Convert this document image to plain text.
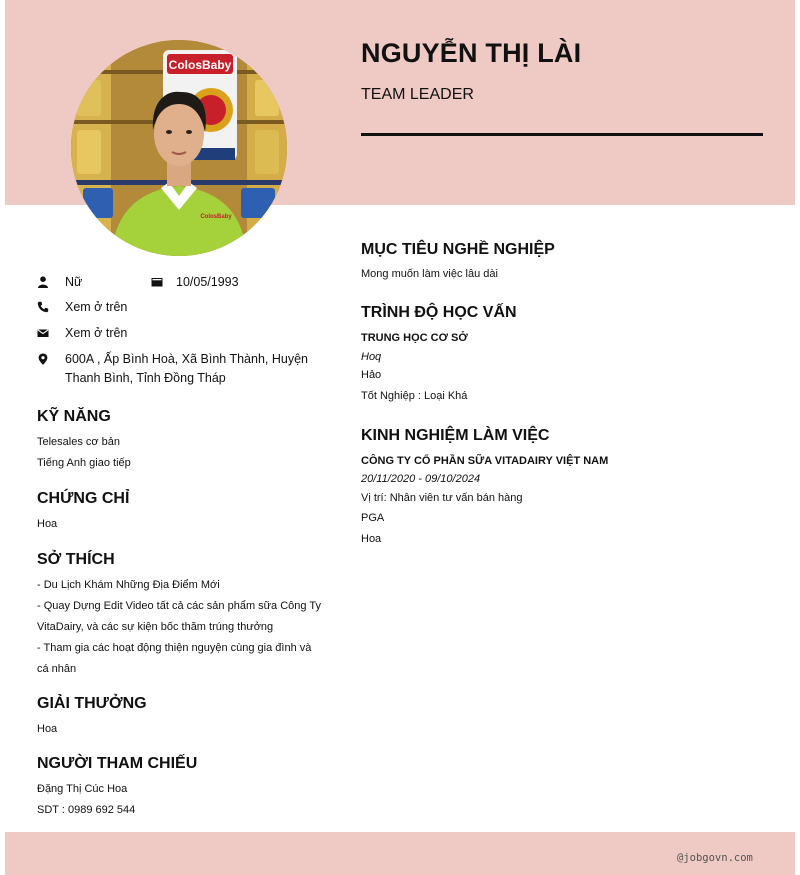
ColosBaby
ColosBaby
NGUYỄN THỊ LÀI
TEAM LEADER
Nữ	10/05/1993
Xem ở trên
Xem ở trên
600A , Ấp Bình Hoà, Xã Bình Thành, Huyện
Thanh Bình, Tỉnh Đồng Tháp
KỸ NĂNG
Telesales cơ bản
Tiếng Anh giao tiếp
CHỨNG CHỈ
Hoa
SỞ THÍCH
- Du Lịch Khám Những Địa Điểm Mới
- Quay Dựng Edit Video tất cả các sản phẩm sữa Công Ty
VitaDairy, và các sự kiện bốc thăm trúng thưởng
- Tham gia các hoạt động thiện nguyện cùng gia đình và
cá nhân
GIẢI THƯỞNG
Hoa
NGƯỜI THAM CHIẾU
Đặng Thị Cúc Hoa
SDT : 0989 692 544
MỤC TIÊU NGHỀ NGHIỆP
Mong muốn làm việc lâu dài
TRÌNH ĐỘ HỌC VẤN
TRUNG HỌC CƠ SỞ
Hoq
Hảo
Tốt Nghiệp : Loại Khá
KINH NGHIỆM LÀM VIỆC
CÔNG TY CỔ PHẦN SỮA VITADAIRY VIỆT NAM
20/11/2020 - 09/10/2024
Vị trí: Nhân viên tư vấn bán hàng
PGA
Hoa
@jobgovn.com
